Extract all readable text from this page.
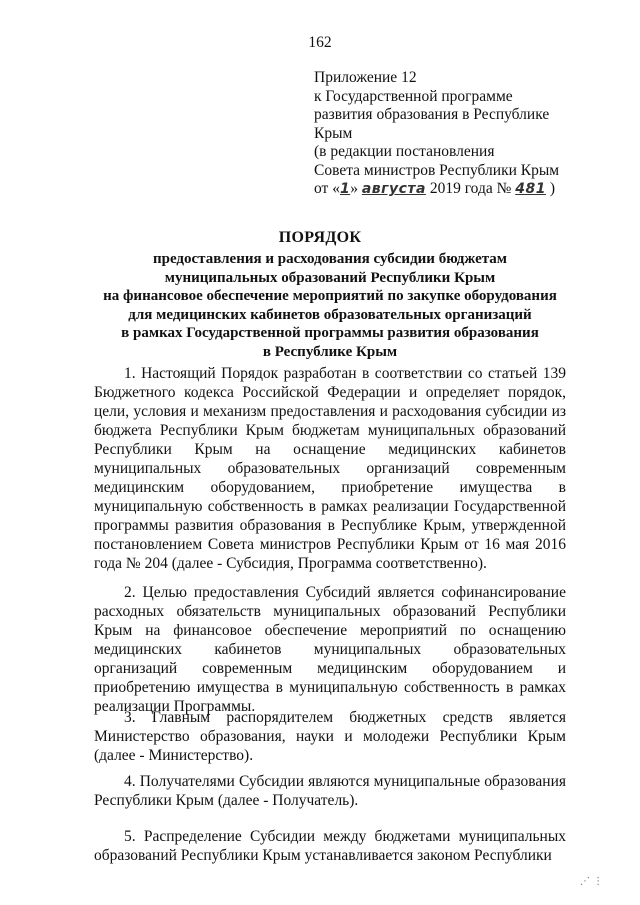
162
Приложение 12
к Государственной программе
развития образования в Республике
Крым
(в редакции постановления
Совета министров Республики Крым
от «1» августа 2019 года № 481 )
ПОРЯДОК
предоставления и расходования субсидии бюджетам
муниципальных образований Республики Крым
на финансовое обеспечение мероприятий по закупке оборудования
для медицинских кабинетов образовательных организаций
в рамках Государственной программы развития образования
в Республике Крым
1. Настоящий Порядок разработан в соответствии со статьей 139 Бюджетного кодекса Российской Федерации и определяет порядок, цели, условия и механизм предоставления и расходования субсидии из бюджета Республики Крым бюджетам муниципальных образований Республики Крым на оснащение медицинских кабинетов муниципальных образовательных организаций современным медицинским оборудованием, приобретение имущества в муниципальную собственность в рамках реализации Государственной программы развития образования в Республике Крым, утвержденной постановлением Совета министров Республики Крым от 16 мая 2016 года № 204 (далее - Субсидия, Программа соответственно).
2. Целью предоставления Субсидий является софинансирование расходных обязательств муниципальных образований Республики Крым на финансовое обеспечение мероприятий по оснащению медицинских кабинетов муниципальных образовательных организаций современным медицинским оборудованием и приобретению имущества в муниципальную собственность в рамках реализации Программы.
3. Главным распорядителем бюджетных средств является Министерство образования, науки и молодежи Республики Крым (далее - Министерство).
4. Получателями Субсидии являются муниципальные образования Республики Крым (далее - Получатель).
5. Распределение Субсидии между бюджетами муниципальных образований Республики Крым устанавливается законом Республики
⋰ ⋮
